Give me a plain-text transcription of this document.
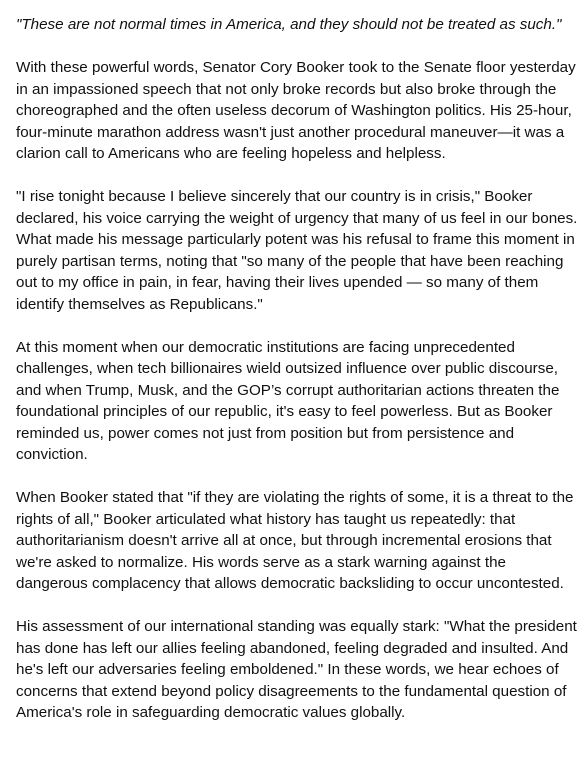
"These are not normal times in America, and they should not be treated as such."

With these powerful words, Senator Cory Booker took to the Senate floor yesterday in an impassioned speech that not only broke records but also broke through the choreographed and the often useless decorum of Washington politics. His 25-hour, four-minute marathon address wasn't just another procedural maneuver—it was a clarion call to Americans who are feeling hopeless and helpless.

"I rise tonight because I believe sincerely that our country is in crisis," Booker declared, his voice carrying the weight of urgency that many of us feel in our bones. What made his message particularly potent was his refusal to frame this moment in purely partisan terms, noting that "so many of the people that have been reaching out to my office in pain, in fear, having their lives upended — so many of them identify themselves as Republicans."

At this moment when our democratic institutions are facing unprecedented challenges, when tech billionaires wield outsized influence over public discourse, and when Trump, Musk, and the GOP’s corrupt authoritarian actions threaten the foundational principles of our republic, it's easy to feel powerless. But as Booker reminded us, power comes not just from position but from persistence and conviction.

When Booker stated that "if they are violating the rights of some, it is a threat to the rights of all," Booker articulated what history has taught us repeatedly: that authoritarianism doesn't arrive all at once, but through incremental erosions that we're asked to normalize. His words serve as a stark warning against the dangerous complacency that allows democratic backsliding to occur uncontested.

His assessment of our international standing was equally stark: "What the president has done has left our allies feeling abandoned, feeling degraded and insulted. And he's left our adversaries feeling emboldened." In these words, we hear echoes of concerns that extend beyond policy disagreements to the fundamental question of America's role in safeguarding democratic values globally.
